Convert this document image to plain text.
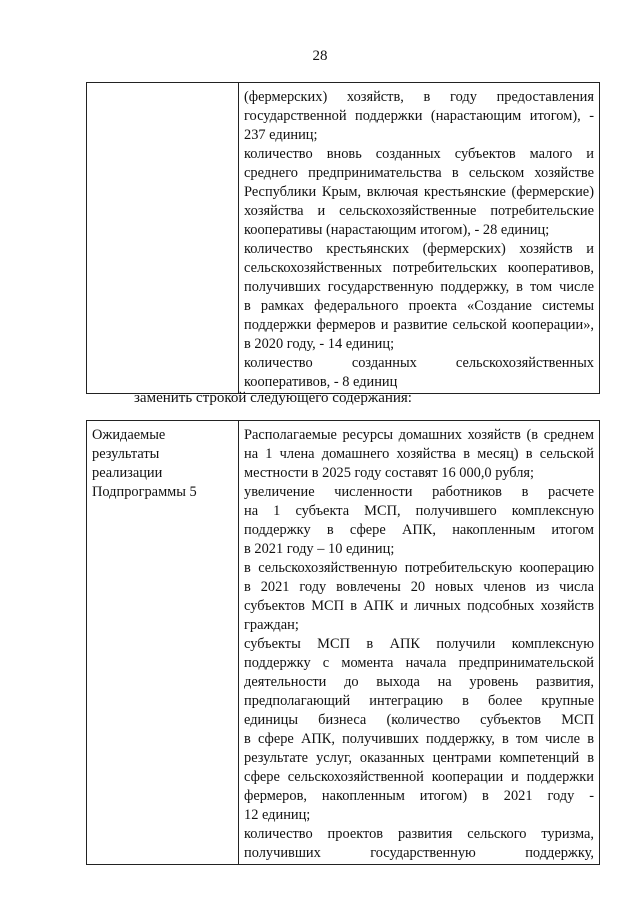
28

(фермерских) хозяйств, в году предоставления
государственной поддержки (нарастающим итогом), -
237 единиц;
количество вновь созданных субъектов малого и
среднего предпринимательства в сельском хозяйстве
Республики Крым, включая крестьянские (фермерские)
хозяйства и сельскохозяйственные потребительские
кооперативы (нарастающим итогом), - 28 единиц;
количество крестьянских (фермерских) хозяйств и
сельскохозяйственных потребительских кооперативов,
получивших государственную поддержку, в том числе
в рамках федерального проекта «Создание системы
поддержки фермеров и развитие сельской кооперации»,
в 2020 году, - 14 единиц;
количество созданных сельскохозяйственных
кооперативов, - 8 единиц
заменить строкой следующего содержания:
Ожидаемые
результаты
реализации
Подпрограммы 5

Располагаемые ресурсы домашних хозяйств (в среднем
на 1 члена домашнего хозяйства в месяц) в сельской
местности в 2025 году составят 16 000,0 рубля;
увеличение численности работников в расчете
на 1 субъекта МСП, получившего комплексную
поддержку в сфере АПК, накопленным итогом
в 2021 году – 10 единиц;
в сельскохозяйственную потребительскую кооперацию
в 2021 году вовлечены 20 новых членов из числа
субъектов МСП в АПК и личных подсобных хозяйств
граждан;
субъекты МСП в АПК получили комплексную
поддержку с момента начала предпринимательской
деятельности до выхода на уровень развития,
предполагающий интеграцию в более крупные
единицы бизнеса (количество субъектов МСП
в сфере АПК, получивших поддержку, в том числе в
результате услуг, оказанных центрами компетенций в
сфере сельскохозяйственной кооперации и поддержки
фермеров, накопленным итогом) в 2021 году -
12 единиц;
количество проектов развития сельского туризма,
получивших государственную поддержку,
